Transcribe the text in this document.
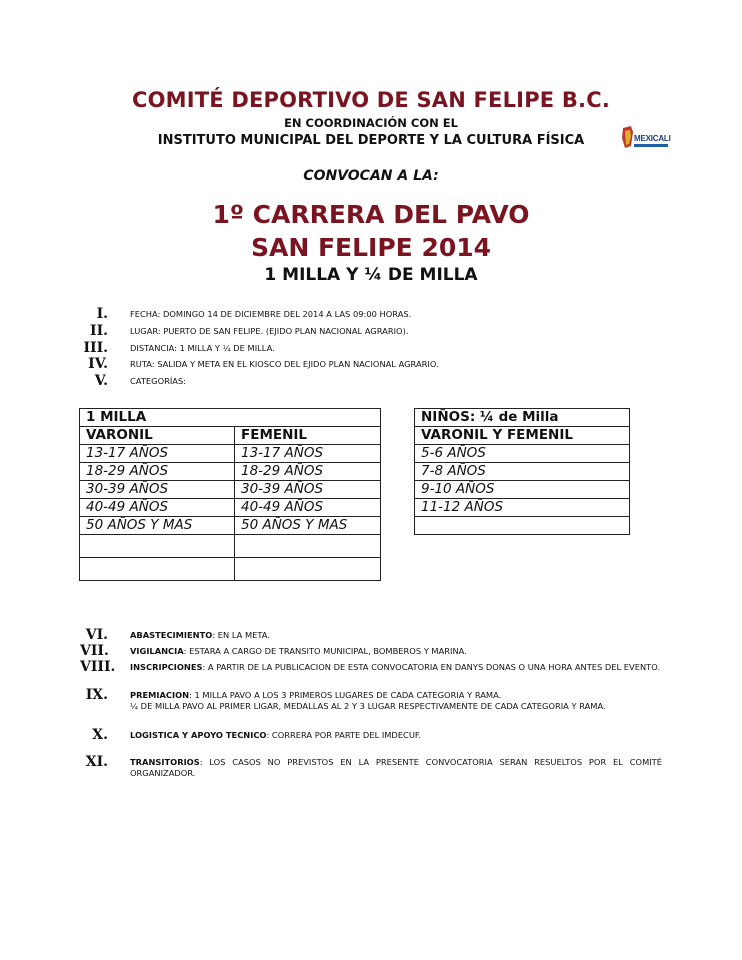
COMITÉ DEPORTIVO DE SAN FELIPE B.C.
EN COORDINACIÓN CON EL
INSTITUTO MUNICIPAL DEL DEPORTE Y LA CULTURA FÍSICA	MEXICALI
CONVOCAN A LA:
1º CARRERA DEL PAVO
SAN FELIPE 2014
1 MILLA Y ¼ DE MILLA
I.	FECHA: DOMINGO 14 DE DICIEMBRE DEL 2014 A LAS 09:00 HORAS.
II.	LUGAR: PUERTO DE SAN FELIPE. (EJIDO PLAN NACIONAL AGRARIO).
III.	DISTANCIA: 1 MILLA Y ¼ DE MILLA.
IV.	RUTA: SALIDA Y META EN EL KIOSCO DEL EJIDO PLAN NACIONAL AGRARIO.
V.	CATEGORÍAS:
1 MILLA	
VARONIL	FEMENIL
13-17 AÑOS	13-17 AÑOS
18-29 AÑOS	18-29 AÑOS
30-39 AÑOS	30-39 AÑOS
40-49 AÑOS	40-49 AÑOS
50 AÑOS Y MAS	50 AÑOS Y MAS

NIÑOS: ¼ de Milla
VARONIL Y FEMENIL
5-6 AÑOS
7-8 AÑOS
9-10 AÑOS
11-12 AÑOS

VI.	ABASTECIMIENTO: EN LA META.
VII.	VIGILANCIA: ESTARA A CARGO DE TRANSITO MUNICIPAL, BOMBEROS Y MARINA.
VIII. INSCRIPCIONES: A PARTIR DE LA PUBLICACION DE ESTA CONVOCATORIA EN DANYS DONAS O UNA HORA ANTES DEL EVENTO.
IX.	PREMIACION: 1 MILLA PAVO A LOS 3 PRIMEROS LUGARES DE CADA CATEGORIA Y RAMA.
¼ DE MILLA PAVO AL PRIMER LIGAR, MEDALLAS AL 2 Y 3 LUGAR RESPECTIVAMENTE DE CADA CATEGORIA Y RAMA.
X.	LOGISTICA Y APOYO TECNICO: CORRERA POR PARTE DEL IMDECUF.
XI.	TRANSITORIOS: LOS CASOS NO PREVISTOS EN LA PRESENTE CONVOCATORIA SERAN RESUELTOS POR EL COMITÉ ORGANIZADOR.
